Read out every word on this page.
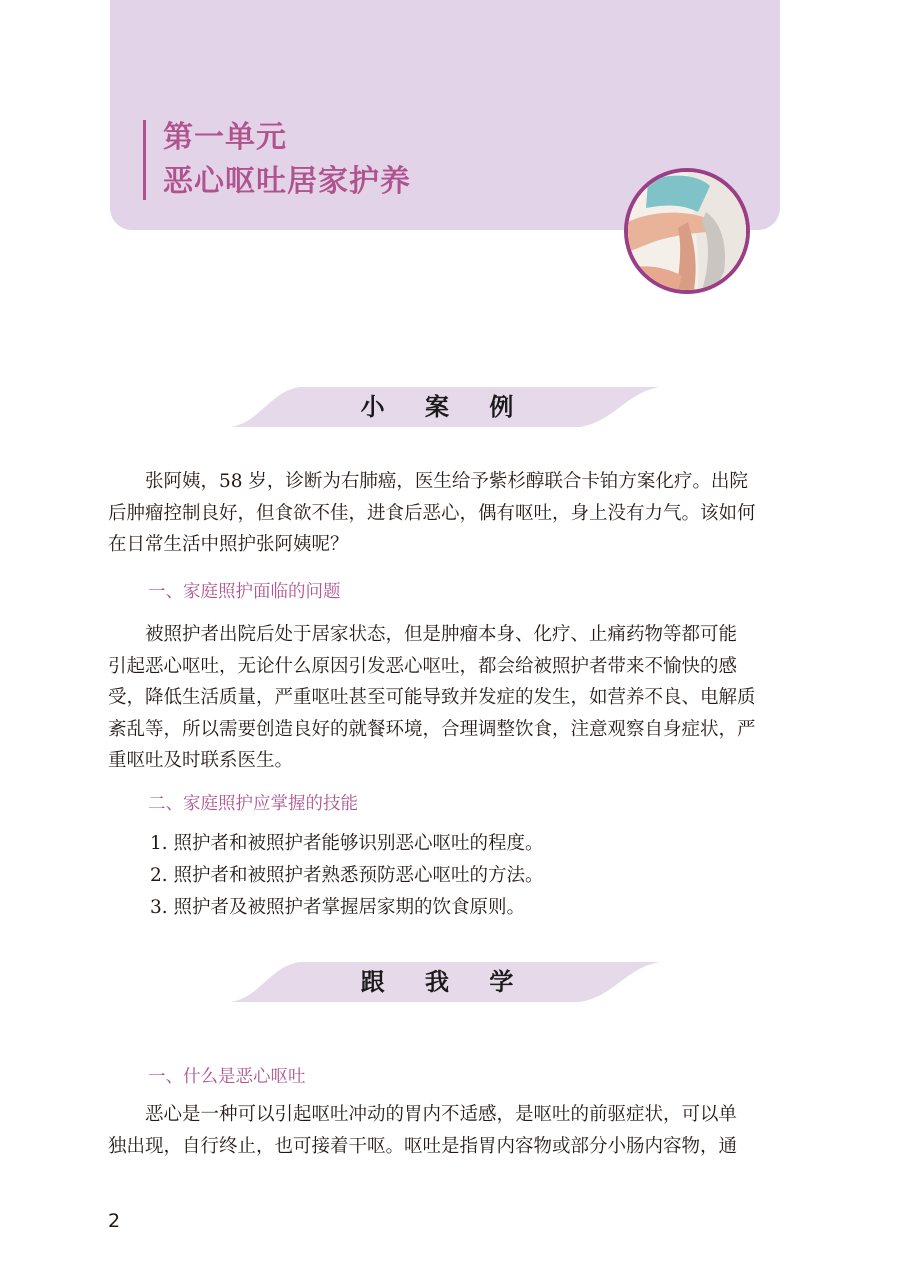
第一单元
恶心呕吐居家护养
小 案 例
张阿姨，58 岁，诊断为右肺癌，医生给予紫杉醇联合卡铂方案化疗。出院
后肿瘤控制良好，但食欲不佳，进食后恶心，偶有呕吐，身上没有力气。该如何
在日常生活中照护张阿姨呢？
一、家庭照护面临的问题
被照护者出院后处于居家状态，但是肿瘤本身、化疗、止痛药物等都可能
引起恶心呕吐，无论什么原因引发恶心呕吐，都会给被照护者带来不愉快的感
受，降低生活质量，严重呕吐甚至可能导致并发症的发生，如营养不良、电解质
紊乱等，所以需要创造良好的就餐环境，合理调整饮食，注意观察自身症状，严
重呕吐及时联系医生。
二、家庭照护应掌握的技能
1. 照护者和被照护者能够识别恶心呕吐的程度。
2. 照护者和被照护者熟悉预防恶心呕吐的方法。
3. 照护者及被照护者掌握居家期的饮食原则。
跟 我 学
一、什么是恶心呕吐
恶心是一种可以引起呕吐冲动的胃内不适感，是呕吐的前驱症状，可以单
独出现，自行终止，也可接着干呕。呕吐是指胃内容物或部分小肠内容物，通
2
